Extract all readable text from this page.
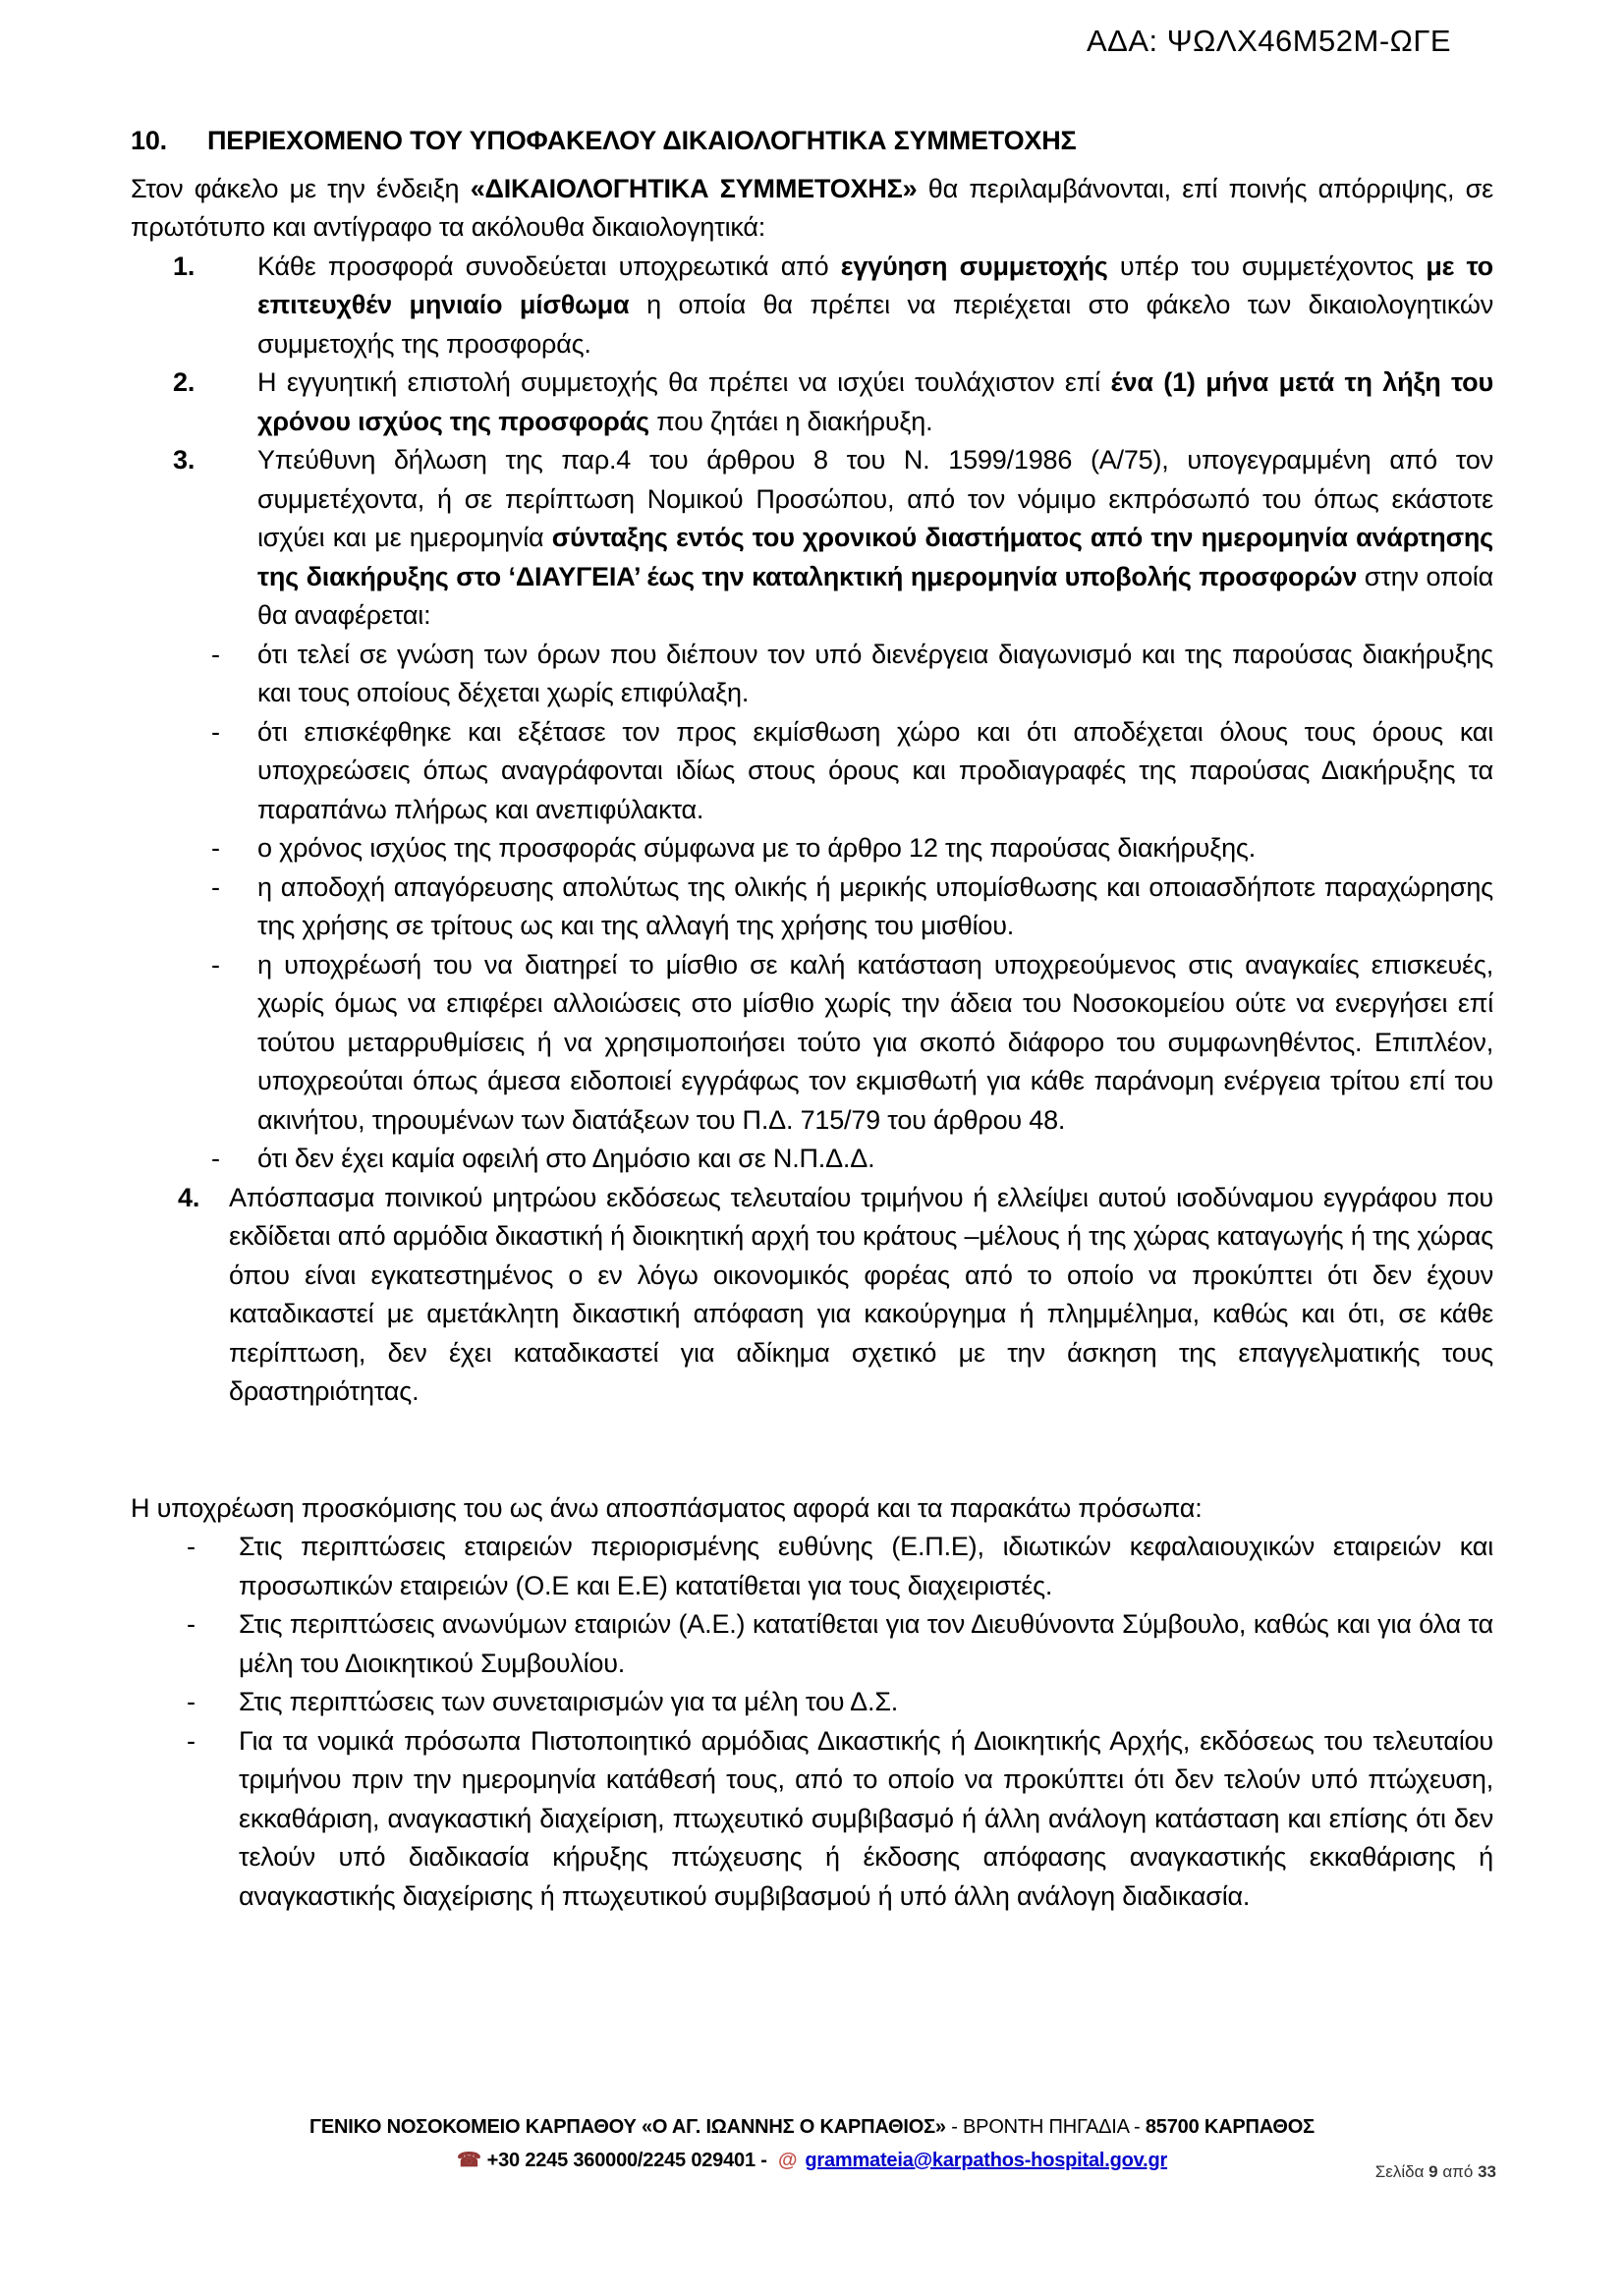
ΑΔΑ: ΨΩΛΧ46Μ52Μ-ΩΓΕ
10.	ΠΕΡΙΕΧΟΜΕΝΟ ΤΟΥ ΥΠΟΦΑΚΕΛΟΥ ΔΙΚΑΙΟΛΟΓΗΤΙΚΑ ΣΥΜΜΕΤΟΧΗΣ

Στον φάκελο με την ένδειξη «ΔΙΚΑΙΟΛΟΓΗΤΙΚΑ ΣΥΜΜΕΤΟΧΗΣ» θα περιλαμβάνονται, επί ποινής απόρριψης, σε πρωτότυπο και αντίγραφο τα ακόλουθα δικαιολογητικά:

1.	Κάθε προσφορά συνοδεύεται υποχρεωτικά από εγγύηση συμμετοχής υπέρ του συμμετέχοντος με το επιτευχθέν μηνιαίο μίσθωμα η οποία θα πρέπει να περιέχεται στο φάκελο των δικαιολογητικών συμμετοχής της προσφοράς.
2.	Η εγγυητική επιστολή συμμετοχής θα πρέπει να ισχύει τουλάχιστον επί ένα (1) μήνα μετά τη λήξη του χρόνου ισχύος της προσφοράς που ζητάει η διακήρυξη.
3.	Υπεύθυνη δήλωση της παρ.4 του άρθρου 8 του Ν. 1599/1986 (Α/75), υπογεγραμμένη από τον συμμετέχοντα, ή σε περίπτωση Νομικού Προσώπου, από τον νόμιμο εκπρόσωπό του όπως εκάστοτε ισχύει και με ημερομηνία σύνταξης εντός του χρονικού διαστήματος από την ημερομηνία ανάρτησης της διακήρυξης στο ‘ΔΙΑΥΓΕΙΑ’ έως την καταληκτική ημερομηνία υποβολής προσφορών στην οποία θα αναφέρεται:
-	ότι τελεί σε γνώση των όρων που διέπουν τον υπό διενέργεια διαγωνισμό και της παρούσας διακήρυξης και τους οποίους δέχεται χωρίς επιφύλαξη.
-	ότι επισκέφθηκε και εξέτασε τον προς εκμίσθωση χώρο και ότι αποδέχεται όλους τους όρους και υποχρεώσεις όπως αναγράφονται ιδίως στους όρους και προδιαγραφές της παρούσας Διακήρυξης τα παραπάνω πλήρως και ανεπιφύλακτα.
-	ο χρόνος ισχύος της προσφοράς σύμφωνα με το άρθρο 12 της παρούσας διακήρυξης.
-	η αποδοχή απαγόρευσης απολύτως της ολικής ή μερικής υπομίσθωσης και οποιασδήποτε παραχώρησης της χρήσης σε τρίτους ως και της αλλαγή της χρήσης του μισθίου.
-	η υποχρέωσή του να διατηρεί το μίσθιο σε καλή κατάσταση υποχρεούμενος στις αναγκαίες επισκευές, χωρίς όμως να επιφέρει αλλοιώσεις στο μίσθιο χωρίς την άδεια του Νοσοκομείου ούτε να ενεργήσει επί τούτου μεταρρυθμίσεις ή να χρησιμοποιήσει τούτο για σκοπό διάφορο του συμφωνηθέντος. Επιπλέον, υποχρεούται όπως άμεσα ειδοποιεί εγγράφως τον εκμισθωτή για κάθε παράνομη ενέργεια τρίτου επί του ακινήτου, τηρουμένων των διατάξεων του Π.Δ. 715/79 του άρθρου 48.
-	ότι δεν έχει καμία οφειλή στο Δημόσιο και σε Ν.Π.Δ.Δ.
4.	Απόσπασμα ποινικού μητρώου εκδόσεως τελευταίου τριμήνου ή ελλείψει αυτού ισοδύναμου εγγράφου που εκδίδεται από αρμόδια δικαστική ή διοικητική αρχή του κράτους –μέλους ή της χώρας καταγωγής ή της χώρας όπου είναι εγκατεστημένος ο εν λόγω οικονομικός φορέας από το οποίο να προκύπτει ότι δεν έχουν καταδικαστεί με αμετάκλητη δικαστική απόφαση για κακούργημα ή πλημμέλημα, καθώς και ότι, σε κάθε περίπτωση, δεν έχει καταδικαστεί για αδίκημα σχετικό με την άσκηση της επαγγελματικής τους δραστηριότητας.

Η υποχρέωση προσκόμισης του ως άνω αποσπάσματος αφορά και τα παρακάτω πρόσωπα:

-	Στις περιπτώσεις εταιρειών περιορισμένης ευθύνης (Ε.Π.Ε), ιδιωτικών κεφαλαιουχικών εταιρειών και προσωπικών εταιρειών (Ο.Ε και Ε.Ε) κατατίθεται για τους διαχειριστές.
-	Στις περιπτώσεις ανωνύμων εταιριών (Α.Ε.) κατατίθεται για τον Διευθύνοντα Σύμβουλο, καθώς και για όλα τα μέλη του Διοικητικού Συμβουλίου.
-	Στις περιπτώσεις των συνεταιρισμών για τα μέλη του Δ.Σ.
-	Για τα νομικά πρόσωπα Πιστοποιητικό αρμόδιας Δικαστικής ή Διοικητικής Αρχής, εκδόσεως του τελευταίου τριμήνου πριν την ημερομηνία κατάθεσή τους, από το οποίο να προκύπτει ότι δεν τελούν υπό πτώχευση, εκκαθάριση, αναγκαστική διαχείριση, πτωχευτικό συμβιβασμό ή άλλη ανάλογη κατάσταση και επίσης ότι δεν τελούν υπό διαδικασία κήρυξης πτώχευσης ή έκδοσης απόφασης αναγκαστικής εκκαθάρισης ή αναγκαστικής διαχείρισης ή πτωχευτικού συμβιβασμού ή υπό άλλη ανάλογη διαδικασία.
ΓΕΝΙΚΟ ΝΟΣΟΚΟΜΕΙΟ ΚΑΡΠΑΘΟΥ «Ο ΑΓ. ΙΩΑΝΝΗΣ Ο ΚΑΡΠΑΘΙΟΣ» - ΒΡΟΝΤΗ ΠΗΓΑΔΙΑ - 85700 ΚΑΡΠΑΘΟΣ
☎ +30 2245 360000/2245 029401 - @ grammateia@karpathos-hospital.gov.gr
Σελίδα 9 από 33
